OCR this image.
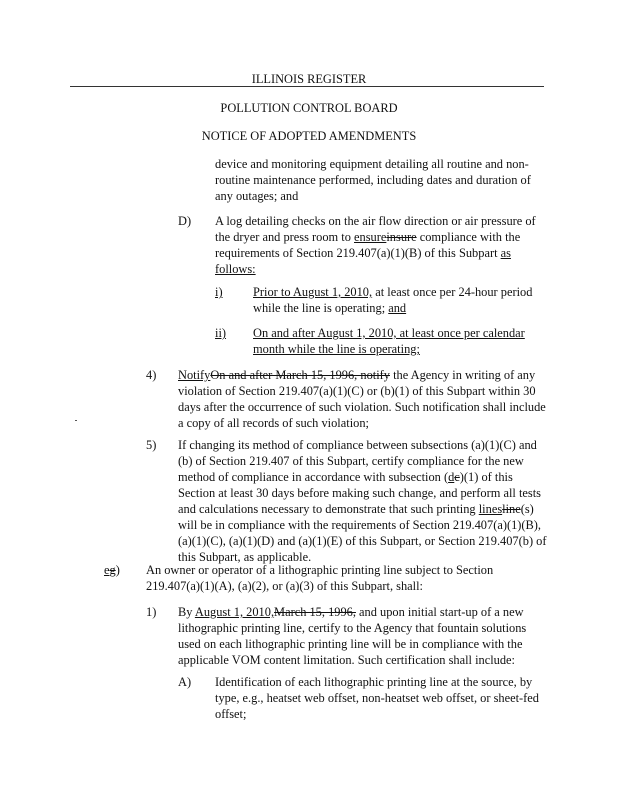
ILLINOIS REGISTER
POLLUTION CONTROL BOARD
NOTICE OF ADOPTED AMENDMENTS
device and monitoring equipment detailing all routine and non-
routine maintenance performed, including dates and duration of
any outages; and
D) A log detailing checks on the air flow direction or air pressure of
the dryer and press room to ensureinsure compliance with the
requirements of Section 219.407(a)(1)(B) of this Subpart as
follows:
i) Prior to August 1, 2010, at least once per 24-hour period
while the line is operating; and
ii) On and after August 1, 2010, at least once per calendar
month while the line is operating;
4) NotifyOn and after March 15, 1996, notify the Agency in writing of any
violation of Section 219.407(a)(1)(C) or (b)(1) of this Subpart within 30
days after the occurrence of such violation. Such notification shall include
a copy of all records of such violation;
5) If changing its method of compliance between subsections (a)(1)(C) and
(b) of Section 219.407 of this Subpart, certify compliance for the new
method of compliance in accordance with subsection (dc)(1) of this
Section at least 30 days before making such change, and perform all tests
and calculations necessary to demonstrate that such printing linesline(s)
will be in compliance with the requirements of Section 219.407(a)(1)(B),
(a)(1)(C), (a)(1)(D) and (a)(1)(E) of this Subpart, or Section 219.407(b) of
this Subpart, as applicable.
eg) An owner or operator of a lithographic printing line subject to Section
219.407(a)(1)(A), (a)(2), or (a)(3) of this Subpart, shall:
1) By August 1, 2010,March 15, 1996, and upon initial start-up of a new
lithographic printing line, certify to the Agency that fountain solutions
used on each lithographic printing line will be in compliance with the
applicable VOM content limitation. Such certification shall include:
A) Identification of each lithographic printing line at the source, by
type, e.g., heatset web offset, non-heatset web offset, or sheet-fed
offset;
